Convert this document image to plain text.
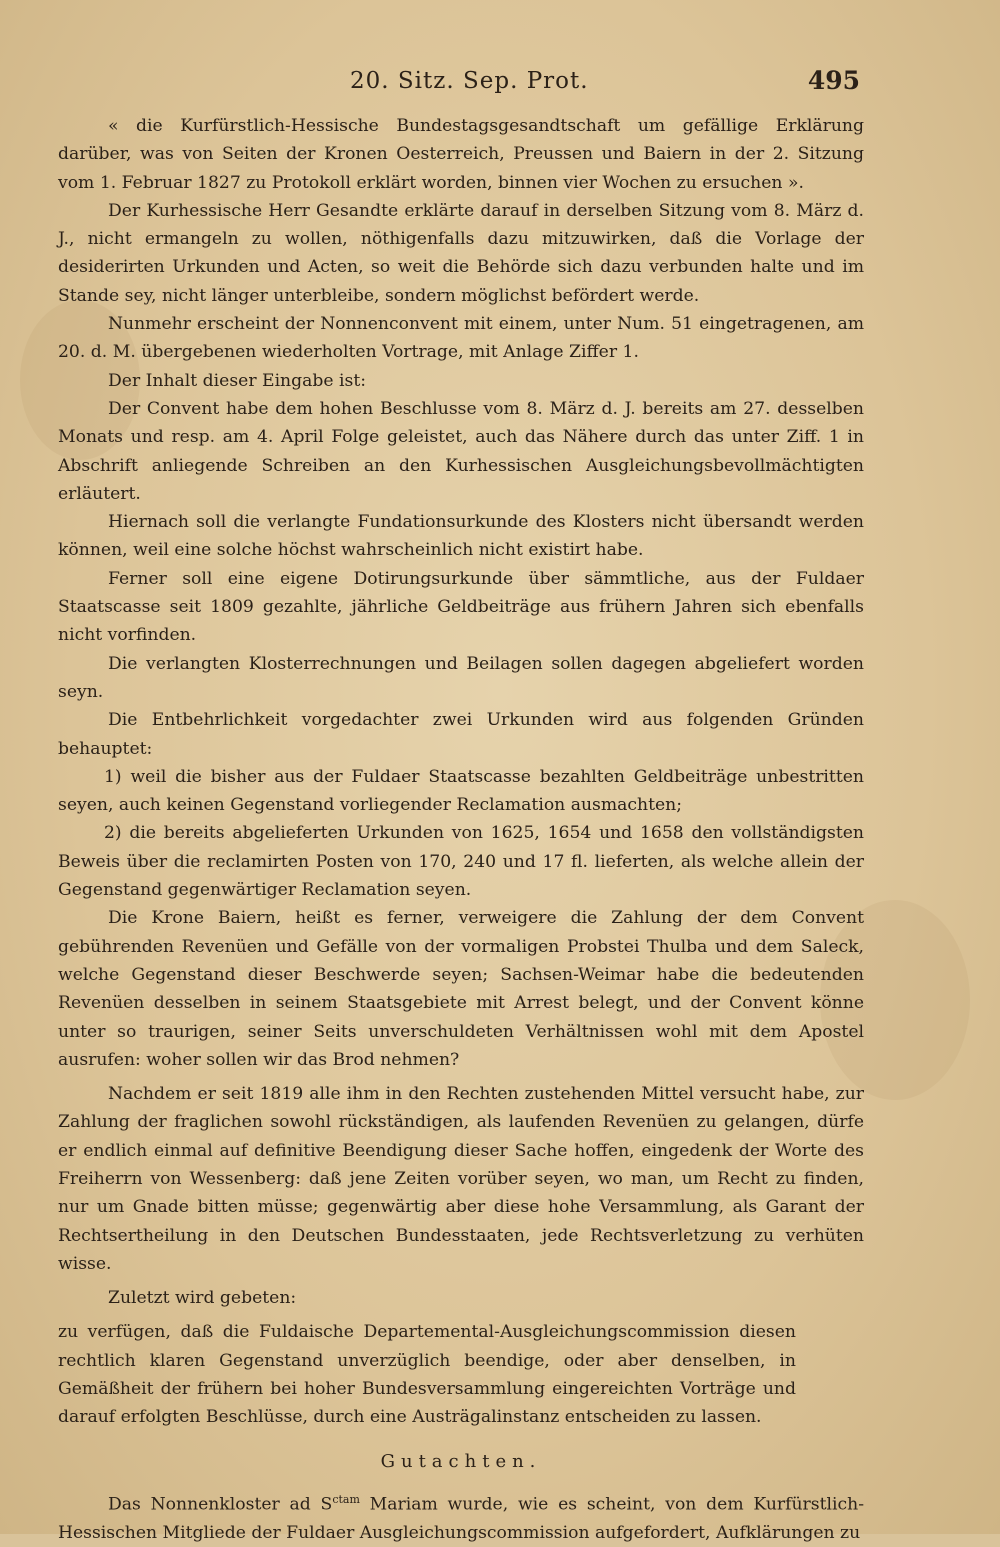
20. Sitz. Sep. Prot.	495

« die Kurfürstlich-Hessische Bundestagsgesandtschaft um gefällige Erklärung darüber, was von Seiten der Kronen Oesterreich, Preussen und Baiern in der 2. Sitzung vom 1. Februar 1827 zu Protokoll erklärt worden, binnen vier Wochen zu ersuchen ».

Der Kurhessische Herr Gesandte erklärte darauf in derselben Sitzung vom 8. März d. J., nicht ermangeln zu wollen, nöthigenfalls dazu mitzuwirken, daß die Vorlage der desiderirten Urkunden und Acten, so weit die Behörde sich dazu verbunden halte und im Stande sey, nicht länger unterbleibe, sondern möglichst befördert werde.

Nunmehr erscheint der Nonnenconvent mit einem, unter Num. 51 eingetragenen, am 20. d. M. übergebenen wiederholten Vortrage, mit Anlage Ziffer 1.

Der Inhalt dieser Eingabe ist:

Der Convent habe dem hohen Beschlusse vom 8. März d. J. bereits am 27. desselben Monats und resp. am 4. April Folge geleistet, auch das Nähere durch das unter Ziff. 1 in Abschrift anliegende Schreiben an den Kurhessischen Ausgleichungsbevollmächtigten erläutert.

Hiernach soll die verlangte Fundationsurkunde des Klosters nicht übersandt werden können, weil eine solche höchst wahrscheinlich nicht existirt habe.

Ferner soll eine eigene Dotirungsurkunde über sämmtliche, aus der Fuldaer Staatscasse seit 1809 gezahlte, jährliche Geldbeiträge aus frühern Jahren sich ebenfalls nicht vorfinden.

Die verlangten Klosterrechnungen und Beilagen sollen dagegen abgeliefert worden seyn.

Die Entbehrlichkeit vorgedachter zwei Urkunden wird aus folgenden Gründen behauptet:

1) weil die bisher aus der Fuldaer Staatscasse bezahlten Geldbeiträge unbestritten seyen, auch keinen Gegenstand vorliegender Reclamation ausmachten;

2) die bereits abgelieferten Urkunden von 1625, 1654 und 1658 den vollständigsten Beweis über die reclamirten Posten von 170, 240 und 17 fl. lieferten, als welche allein der Gegenstand gegenwärtiger Reclamation seyen.

Die Krone Baiern, heißt es ferner, verweigere die Zahlung der dem Convent gebührenden Revenüen und Gefälle von der vormaligen Probstei Thulba und dem Saleck, welche Gegenstand dieser Beschwerde seyen; Sachsen-Weimar habe die bedeutenden Revenüen desselben in seinem Staatsgebiete mit Arrest belegt, und der Convent könne unter so traurigen, seiner Seits unverschuldeten Verhältnissen wohl mit dem Apostel ausrufen: woher sollen wir das Brod nehmen?

Nachdem er seit 1819 alle ihm in den Rechten zustehenden Mittel versucht habe, zur Zahlung der fraglichen sowohl rückständigen, als laufenden Revenüen zu gelangen, dürfe er endlich einmal auf definitive Beendigung dieser Sache hoffen, eingedenk der Worte des Freiherrn von Wessenberg: daß jene Zeiten vorüber seyen, wo man, um Recht zu finden, nur um Gnade bitten müsse; gegenwärtig aber diese hohe Versammlung, als Garant der Rechtsertheilung in den Deutschen Bundesstaaten, jede Rechtsverletzung zu verhüten wisse.

Zuletzt wird gebeten:

zu verfügen, daß die Fuldaische Departemental-Ausgleichungscommission diesen rechtlich klaren Gegenstand unverzüglich beendige, oder aber denselben, in Gemäßheit der frühern bei hoher Bundesversammlung eingereichten Vorträge und darauf erfolgten Beschlüsse, durch eine Austrägalinstanz entscheiden zu lassen.

Gutachten.

Das Nonnenkloster ad $S^{ctam}$ Mariam wurde, wie es scheint, von dem Kurfürstlich-Hessischen Mitgliede der Fuldaer Ausgleichungscommission aufgefordert, Aufklärungen zu
